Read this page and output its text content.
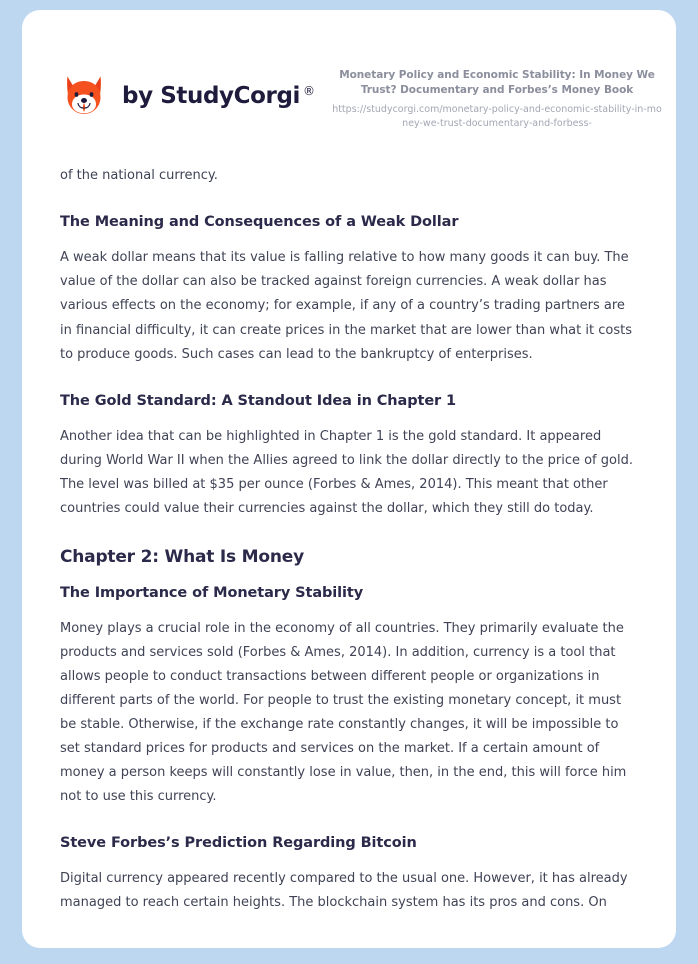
by StudyCorgi ®
Monetary Policy and Economic Stability: In Money We Trust? Documentary and Forbes’s Money Book
https://studycorgi.com/monetary-policy-and-economic-stability-in-money-we-trust-documentary-and-forbess-

of the national currency.

The Meaning and Consequences of a Weak Dollar

A weak dollar means that its value is falling relative to how many goods it can buy. The value of the dollar can also be tracked against foreign currencies. A weak dollar has various effects on the economy; for example, if any of a country’s trading partners are in financial difficulty, it can create prices in the market that are lower than what it costs to produce goods. Such cases can lead to the bankruptcy of enterprises.

The Gold Standard: A Standout Idea in Chapter 1

Another idea that can be highlighted in Chapter 1 is the gold standard. It appeared during World War II when the Allies agreed to link the dollar directly to the price of gold. The level was billed at $35 per ounce (Forbes & Ames, 2014). This meant that other countries could value their currencies against the dollar, which they still do today.

Chapter 2: What Is Money
The Importance of Monetary Stability

Money plays a crucial role in the economy of all countries. They primarily evaluate the products and services sold (Forbes & Ames, 2014). In addition, currency is a tool that allows people to conduct transactions between different people or organizations in different parts of the world. For people to trust the existing monetary concept, it must be stable. Otherwise, if the exchange rate constantly changes, it will be impossible to set standard prices for products and services on the market. If a certain amount of money a person keeps will constantly lose in value, then, in the end, this will force him not to use this currency.

Steve Forbes’s Prediction Regarding Bitcoin

Digital currency appeared recently compared to the usual one. However, it has already managed to reach certain heights. The blockchain system has its pros and cons. On
